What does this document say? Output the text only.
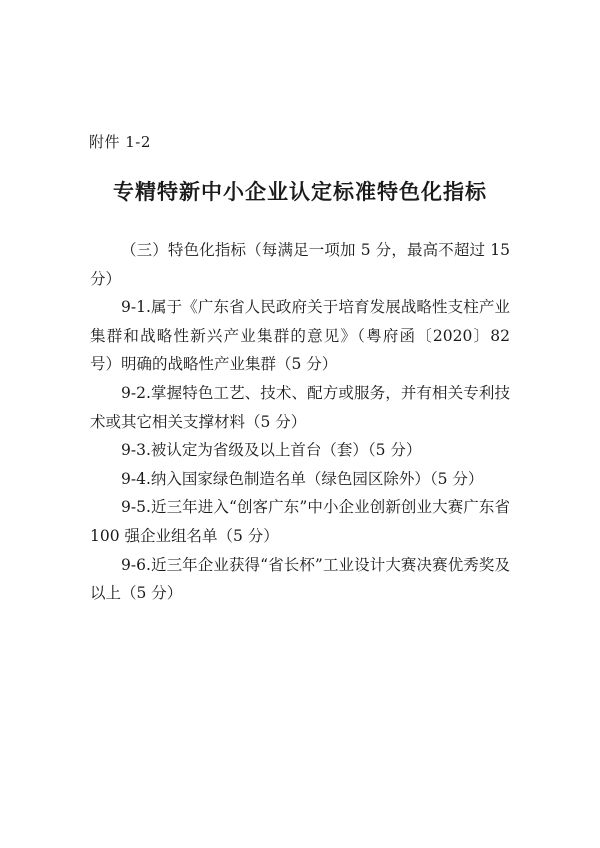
附件 1-2
专精特新中小企业认定标准特色化指标

（三）特色化指标（每满足一项加 5 分，最高不超过 15 分）

9-1.属于《广东省人民政府关于培育发展战略性支柱产业集群和战略性新兴产业集群的意见》（粤府函〔2020〕82 号）明确的战略性产业集群（5 分）

9-2.掌握特色工艺、技术、配方或服务，并有相关专利技术或其它相关支撑材料（5 分）

9-3.被认定为省级及以上首台（套）（5 分）

9-4.纳入国家绿色制造名单（绿色园区除外）（5 分）

9-5.近三年进入“创客广东”中小企业创新创业大赛广东省 100 强企业组名单（5 分）

9-6.近三年企业获得“省长杯”工业设计大赛决赛优秀奖及以上（5 分）
